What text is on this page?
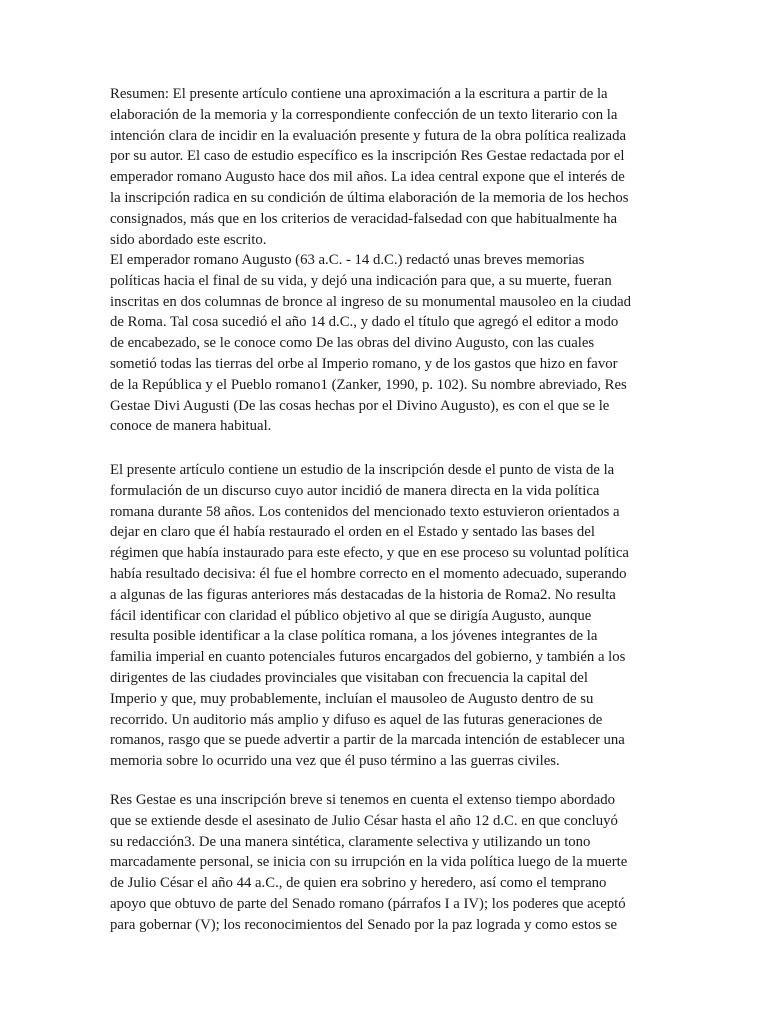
Resumen: El presente artículo contiene una aproximación a la escritura a partir de la
elaboración de la memoria y la correspondiente confección de un texto literario con la
intención clara de incidir en la evaluación presente y futura de la obra política realizada
por su autor. El caso de estudio específico es la inscripción Res Gestae redactada por el
emperador romano Augusto hace dos mil años. La idea central expone que el interés de
la inscripción radica en su condición de última elaboración de la memoria de los hechos
consignados, más que en los criterios de veracidad-falsedad con que habitualmente ha
sido abordado este escrito.

El emperador romano Augusto (63 a.C. - 14 d.C.) redactó unas breves memorias
políticas hacia el final de su vida, y dejó una indicación para que, a su muerte, fueran
inscritas en dos columnas de bronce al ingreso de su monumental mausoleo en la ciudad
de Roma. Tal cosa sucedió el año 14 d.C., y dado el título que agregó el editor a modo
de encabezado, se le conoce como De las obras del divino Augusto, con las cuales
sometió todas las tierras del orbe al Imperio romano, y de los gastos que hizo en favor
de la República y el Pueblo romano1 (Zanker, 1990, p. 102). Su nombre abreviado, Res
Gestae Divi Augusti (De las cosas hechas por el Divino Augusto), es con el que se le
conoce de manera habitual.

El presente artículo contiene un estudio de la inscripción desde el punto de vista de la
formulación de un discurso cuyo autor incidió de manera directa en la vida política
romana durante 58 años. Los contenidos del mencionado texto estuvieron orientados a
dejar en claro que él había restaurado el orden en el Estado y sentado las bases del
régimen que había instaurado para este efecto, y que en ese proceso su voluntad política
había resultado decisiva: él fue el hombre correcto en el momento adecuado, superando
a algunas de las figuras anteriores más destacadas de la historia de Roma2. No resulta
fácil identificar con claridad el público objetivo al que se dirigía Augusto, aunque
resulta posible identificar a la clase política romana, a los jóvenes integrantes de la
familia imperial en cuanto potenciales futuros encargados del gobierno, y también a los
dirigentes de las ciudades provinciales que visitaban con frecuencia la capital del
Imperio y que, muy probablemente, incluían el mausoleo de Augusto dentro de su
recorrido. Un auditorio más amplio y difuso es aquel de las futuras generaciones de
romanos, rasgo que se puede advertir a partir de la marcada intención de establecer una
memoria sobre lo ocurrido una vez que él puso término a las guerras civiles.

Res Gestae es una inscripción breve si tenemos en cuenta el extenso tiempo abordado
que se extiende desde el asesinato de Julio César hasta el año 12 d.C. en que concluyó
su redacción3. De una manera sintética, claramente selectiva y utilizando un tono
marcadamente personal, se inicia con su irrupción en la vida política luego de la muerte
de Julio César el año 44 a.C., de quien era sobrino y heredero, así como el temprano
apoyo que obtuvo de parte del Senado romano (párrafos I a IV); los poderes que aceptó
para gobernar (V); los reconocimientos del Senado por la paz lograda y como estos se
